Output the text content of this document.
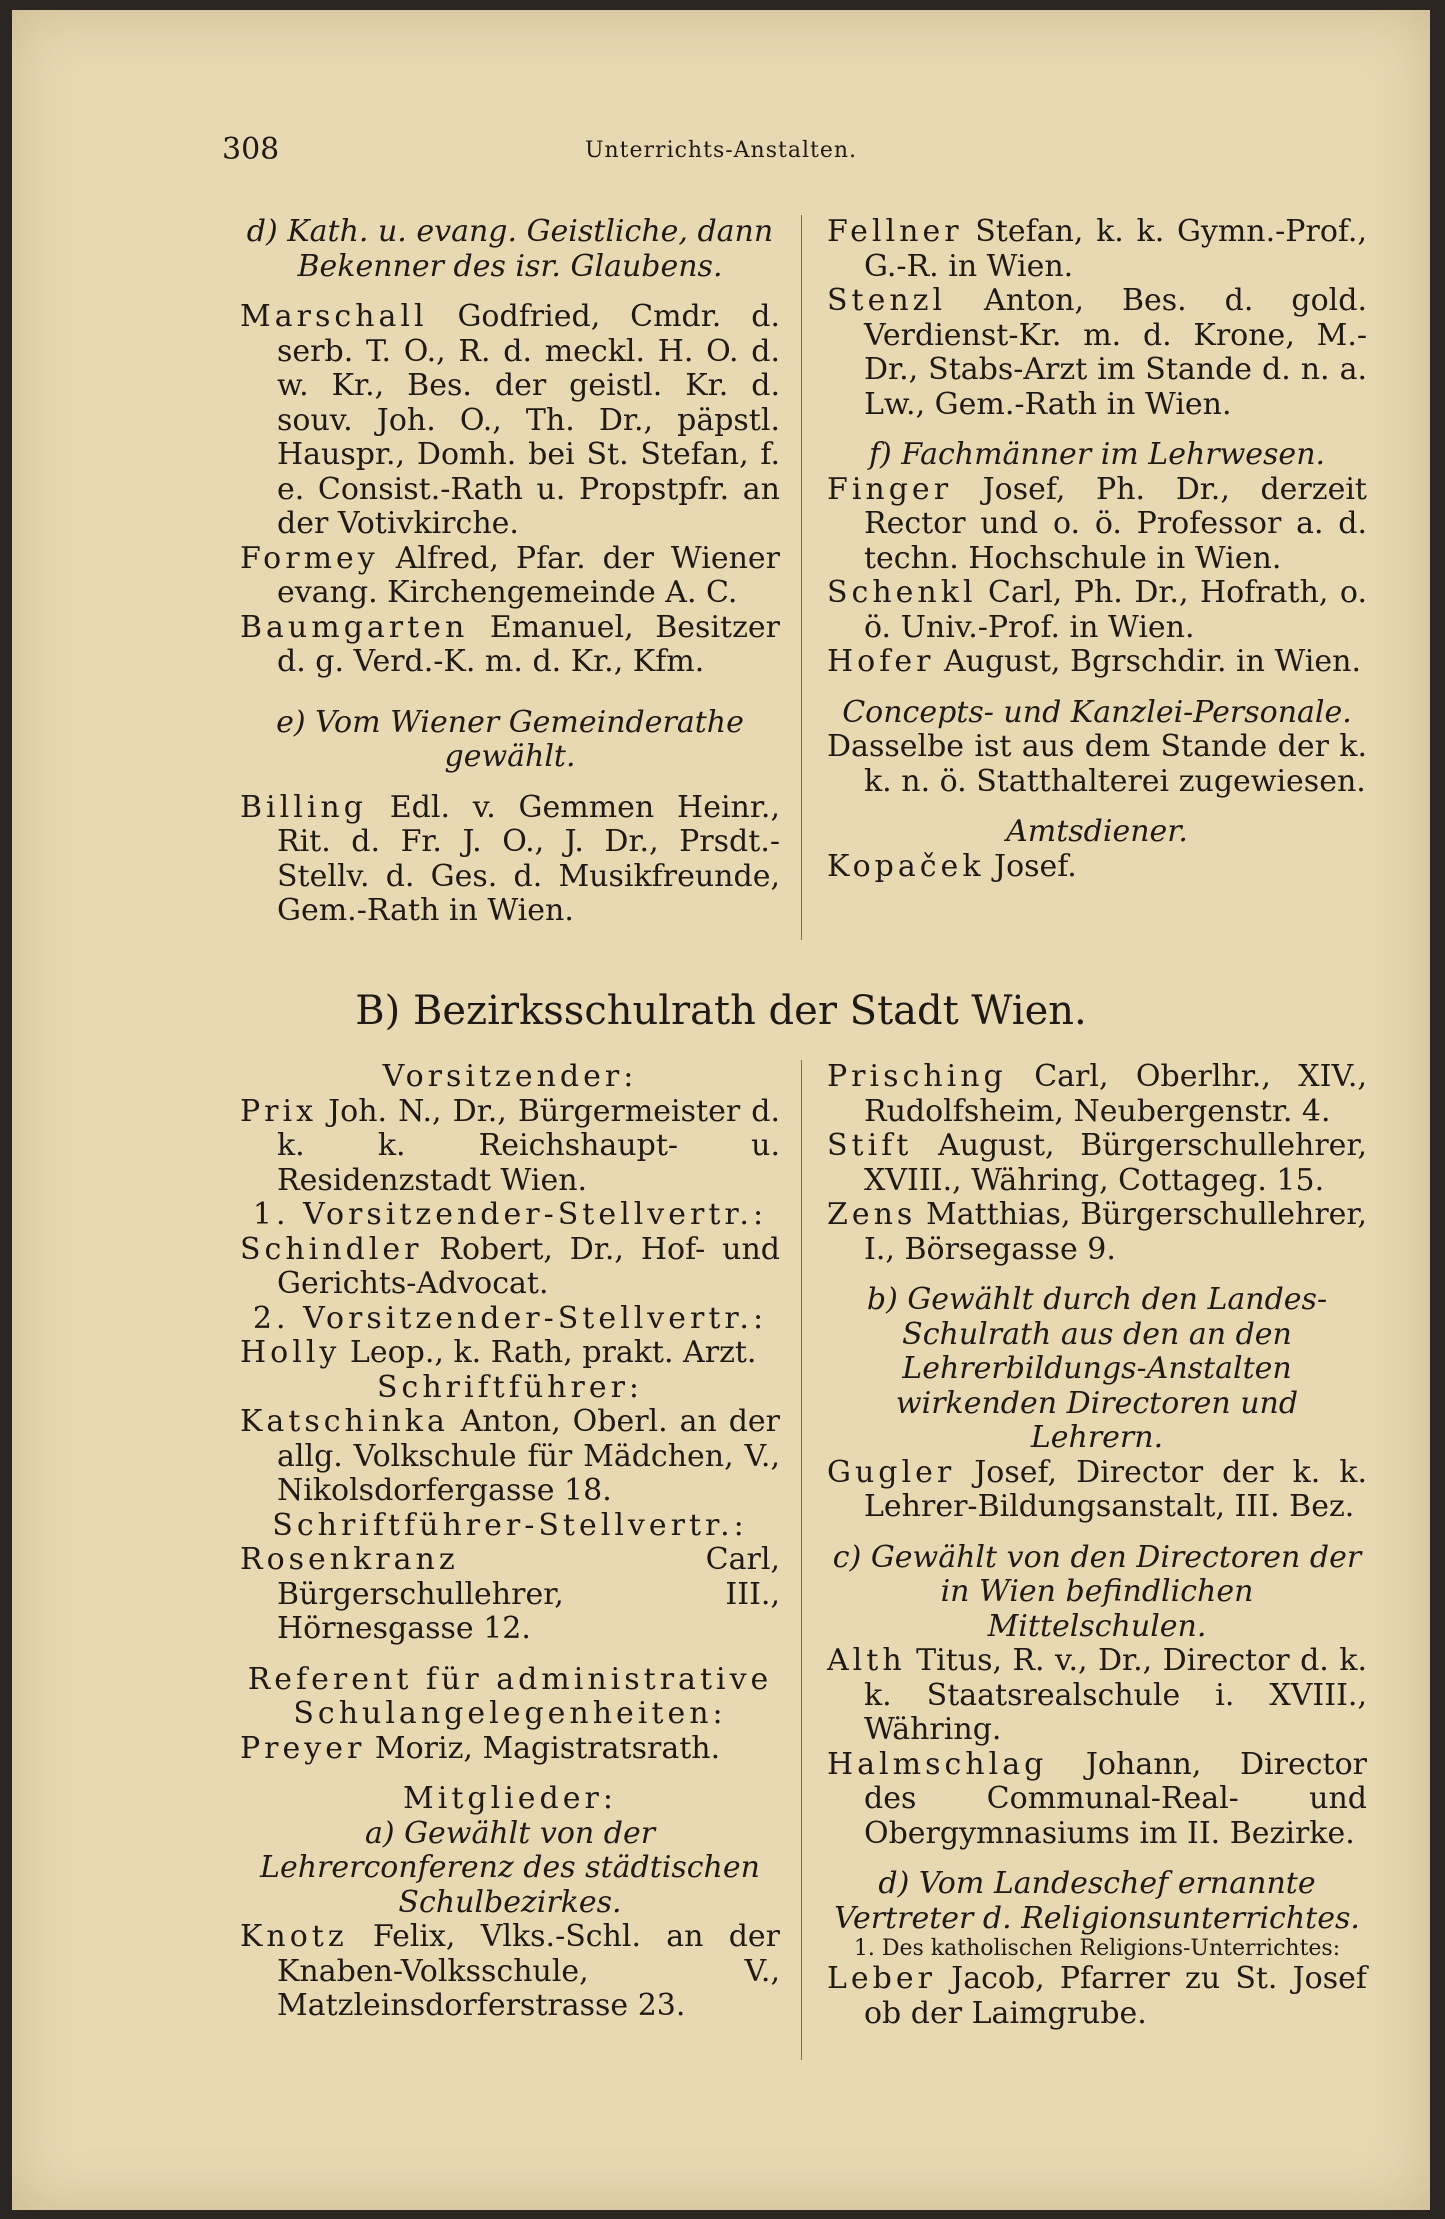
308	Unterrichts-Anstalten.

d) Kath. u. evang. Geistliche, dann Bekenner des isr. Glaubens.

Marschall Godfried, Cmdr. d. serb. T. O., R. d. meckl. H. O. d. w. Kr., Bes. der geistl. Kr. d. souv. Joh. O., Th. Dr., päpstl. Hauspr., Domh. bei St. Stefan, f. e. Consist.-Rath u. Propstpfr. an der Votivkirche.

Formey Alfred, Pfar. der Wiener evang. Kirchengemeinde A. C.

Baumgarten Emanuel, Besitzer d. g. Verd.-K. m. d. Kr., Kfm.

e) Vom Wiener Gemeinderathe gewählt.

Billing Edl. v. Gemmen Heinr., Rit. d. Fr. J. O., J. Dr., Prsdt.-Stellv. d. Ges. d. Musikfreunde, Gem.-Rath in Wien.

Fellner Stefan, k. k. Gymn.-Prof., G.-R. in Wien.

Stenzl Anton, Bes. d. gold. Verdienst-Kr. m. d. Krone, M.-Dr., Stabs-Arzt im Stande d. n. a. Lw., Gem.-Rath in Wien.

f) Fachmänner im Lehrwesen.

Finger Josef, Ph. Dr., derzeit Rector und o. ö. Professor a. d. techn. Hochschule in Wien.

Schenkl Carl, Ph. Dr., Hofrath, o. ö. Univ.-Prof. in Wien.

Hofer August, Bgrschdir. in Wien.

Concepts- und Kanzlei-Personale.

Dasselbe ist aus dem Stande der k. k. n. ö. Statthalterei zugewiesen.

Amtsdiener.

Kopaček Josef.

B) Bezirksschulrath der Stadt Wien.

Vorsitzender:

Prix Joh. N., Dr., Bürgermeister d. k. k. Reichshaupt- u. Residenzstadt Wien.

1. Vorsitzender-Stellvertr.:

Schindler Robert, Dr., Hof- und Gerichts-Advocat.

2. Vorsitzender-Stellvertr.:

Holly Leop., k. Rath, prakt. Arzt.

Schriftführer:

Katschinka Anton, Oberl. an der allg. Volkschule für Mädchen, V., Nikolsdorfergasse 18.

Schriftführer-Stellvertr.:

Rosenkranz Carl, Bürgerschullehrer, III., Hörnesgasse 12.

Referent für administrative Schulangelegenheiten:

Preyer Moriz, Magistratsrath.

Mitglieder:

a) Gewählt von der Lehrerconferenz des städtischen Schulbezirkes.

Knotz Felix, Vlks.-Schl. an der Knaben-Volksschule, V., Matzleinsdorferstrasse 23.

Prisching Carl, Oberlhr., XIV., Rudolfsheim, Neubergenstr. 4.

Stift August, Bürgerschullehrer, XVIII., Währing, Cottageg. 15.

Zens Matthias, Bürgerschullehrer, I., Börsegasse 9.

b) Gewählt durch den Landes-Schulrath aus den an den Lehrerbildungs-Anstalten wirkenden Directoren und Lehrern.

Gugler Josef, Director der k. k. Lehrer-Bildungsanstalt, III. Bez.

c) Gewählt von den Directoren der in Wien befindlichen Mittelschulen.

Alth Titus, R. v., Dr., Director d. k. k. Staatsrealschule i. XVIII., Währing.

Halmschlag Johann, Director des Communal-Real- und Obergymnasiums im II. Bezirke.

d) Vom Landeschef ernannte Vertreter d. Religionsunterrichtes.

1. Des katholischen Religions-Unterrichtes:

Leber Jacob, Pfarrer zu St. Josef ob der Laimgrube.
